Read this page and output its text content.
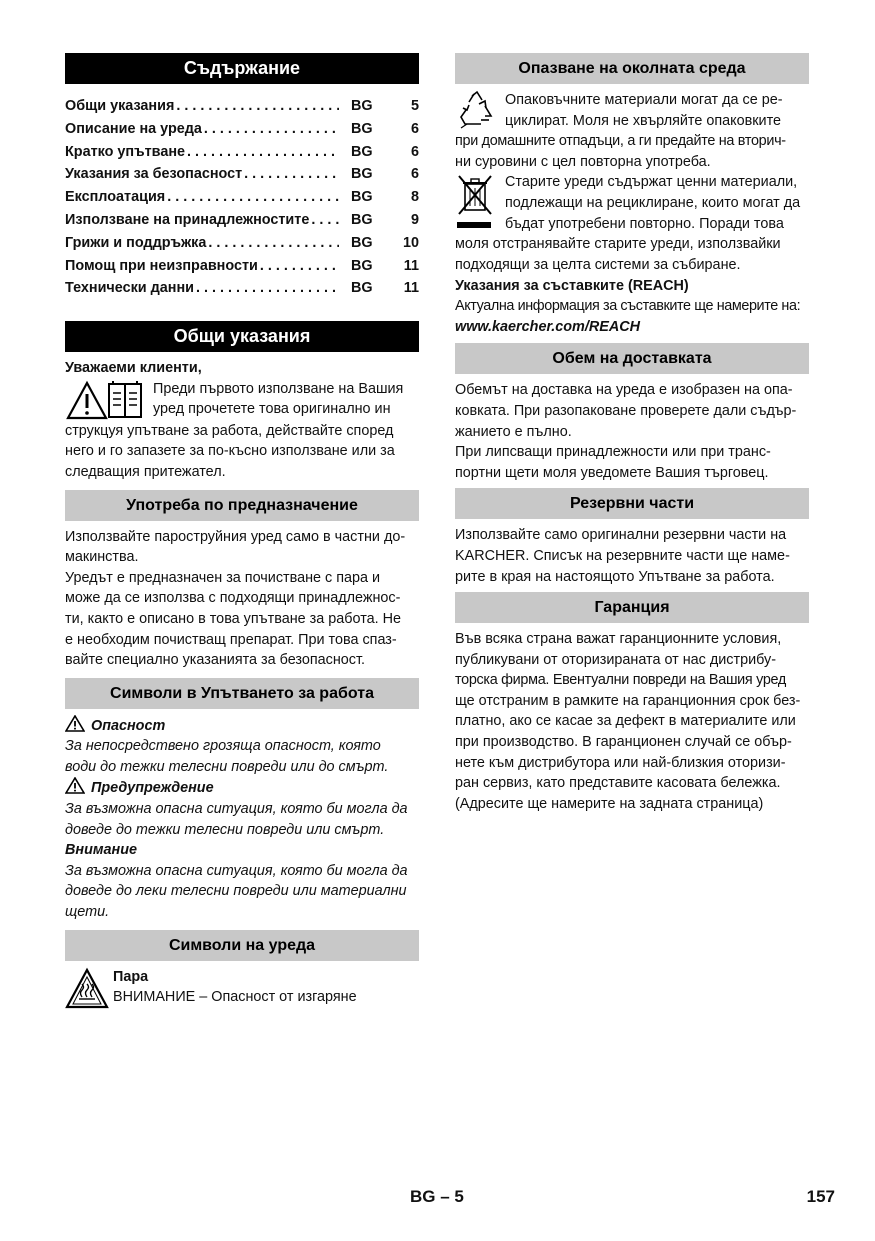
Съдържание
Общи указания . . .	BG	5
Описание на уреда . . .	BG	6
Кратко упътване . . .	BG	6
Указания за безопасност . . .	BG	6
Експлоатация . . .	BG	8
Използване на принадлежностите . . .	BG	9
Грижи и поддръжка . . .	BG	10
Помощ при неизправности . . .	BG	11
Технически данни . . .	BG	11
Общи указания

Уважаеми клиенти,

Преди първото използване на Вашия

уред прочетете това оригинално ин

струкцуя упътване за работа, действайте според

него и го запазете за по-късно използване или за

следващия притежател.

Употреба по предназначение

Използвайте пароструйния уред само в частни до-

макинства.

Уредът е предназначен за почистване с пара и

може да се използва с подходящи принадлежнос-

ти, както е описано в това упътване за работа. Не

е необходим почистващ препарат. При това спаз-

вайте специално указанията за безопасност.

Символи в Упътването за работа
Опасност

За непосредствено грозяща опасност, която

води до тежки телесни повреди или до смърт.

Предупреждение

За възможна опасна ситуация, която би могла да

доведе до тежки телесни повреди или смърт.

Внимание

За възможна опасна ситуация, която би могла да

доведе до леки телесни повреди или материални

щети.

Символи на уреда

Пара

ВНИМАНИЕ – Опасност от изгаряне

Опазване на околната среда

Опаковъчните материали могат да се ре-

циклират. Моля не хвърляйте опаковките

при домашните отпадъци, а ги предайте на вторич-

ни суровини с цел повторна употреба.

Старите уреди съдържат ценни материали,

подлежащи на рециклиране, които могат да

бъдат употребени повторно. Поради това

моля отстранявайте старите уреди, използвайки

подходящи за целта системи за събиране.

Указания за съставките (REACH)

Актуална информация за съставките ще намерите на:

www.kaercher.com/REACH

Обем на доставката

Обемът на доставка на уреда е изобразен на опа-

ковката. При разопаковане проверете дали съдър-

жанието е пълно.

При липсващи принадлежности или при транс-

портни щети моля уведомете Вашия търговец.

Резервни части

Използвайте само оригинални резервни части на

KARCHER. Списък на резервните части ще наме-

рите в края на настоящото Упътване за работа.

Гаранция

Във всяка страна важат гаранционните условия,

публикувани от оторизираната от нас дистрибу-

торска фирма. Евентуални повреди на Вашия уред

ще отстраним в рамките на гаранционния срок без-

платно, ако се касае за дефект в материалите или

при производство. В гаранционен случай се обър-

нете към дистрибутора или най-близкия оторизи-

ран сервиз, като представите касовата бележка.

(Адресите ще намерите на задната страница)

BG – 5	157
